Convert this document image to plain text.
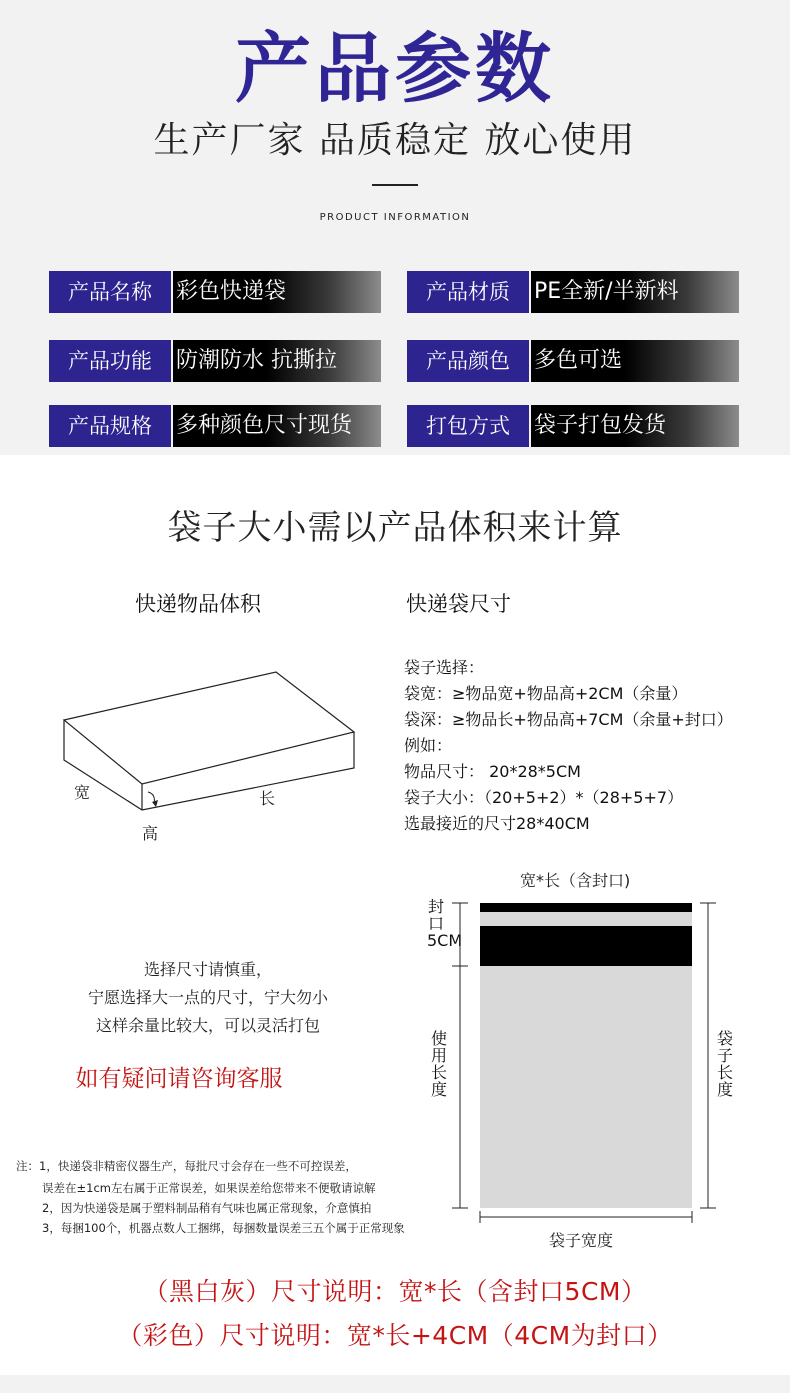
产品参数
生产厂家 品质稳定 放心使用
PRODUCT INFORMATION
产品名称	彩色快递袋	产品材质	PE全新/半新料
产品功能	防潮防水 抗撕拉	产品颜色	多色可选
产品规格	多种颜色尺寸现货	打包方式	袋子打包发货
袋子大小需以产品体积来计算
快递物品体积	快递袋尺寸
宽	长
高
袋子选择：
袋宽：≥物品宽+物品高+2CM（余量）
袋深：≥物品长+物品高+7CM（余量+封口）
例如：
物品尺寸： 20*28*5CM
袋子大小：（20+5+2）*（28+5+7）
选最接近的尺寸28*40CM
选择尺寸请慎重，
宁愿选择大一点的尺寸，宁大勿小
这样余量比较大，可以灵活打包
如有疑问请咨询客服
注：1，快递袋非精密仪器生产，每批尺寸会存在一些不可控误差，
误差在±1cm左右属于正常误差，如果误差给您带来不便敬请谅解
2，因为快递袋是属于塑料制品稍有气味也属正常现象，介意慎拍
3，每捆100个，机器点数人工捆绑，每捆数量误差三五个属于正常现象
宽*长（含封口)
封口5CM
使用长度
袋子长度
袋子宽度
（黑白灰）尺寸说明：宽*长（含封口5CM）
（彩色）尺寸说明：宽*长+4CM（4CM为封口）
